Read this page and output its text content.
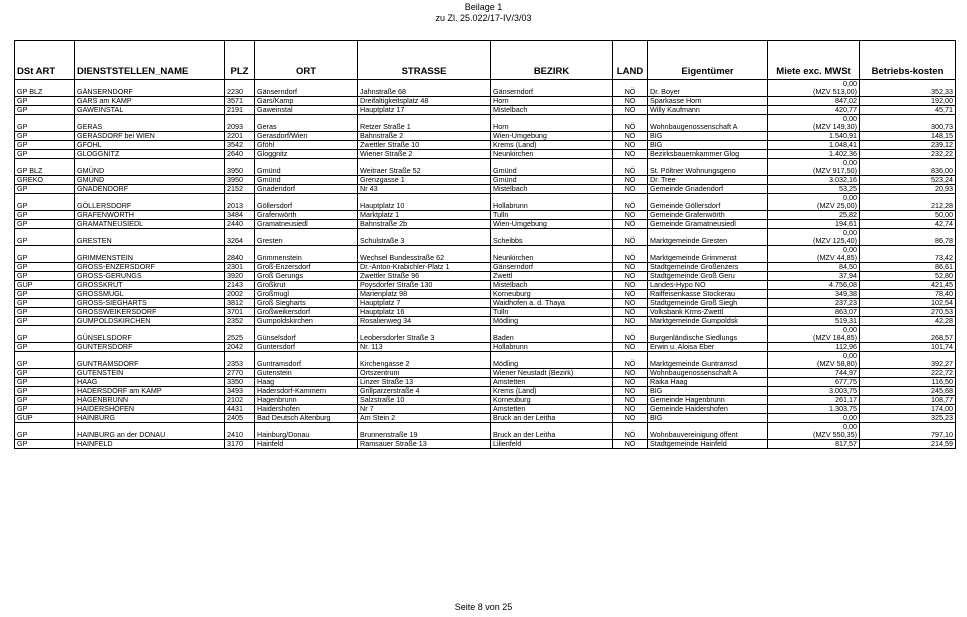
Beilage 1
zu Zl. 25.022/17-IV/3/03
DSt ART	DIENSTSTELLEN_NAME	PLZ	ORT	STRASSE	BEZIRK	LAND	Eigentümer	Miete exc. MWSt	Betriebs-kosten
GP BLZ	GÄNSERNDORF	2230	Gänserndorf	Jahnstraße 68	Gänserndorf	NÖ	Dr. Boyer	0,00
(MZV 513,00)	352,33
GP	GARS am KAMP	3571	Gars/Kamp	Dreifaltigkeitsplatz 48	Horn	NÖ	Sparkasse Horn	847,02	192,00
GP	GAWEINSTAL	2191	Gaweinstal	Hauptplatz 17	Mistelbach	NÖ	Willy Kaufmann	420,77	45,71
GP	GERAS	2093	Geras	Retzer Straße 1	Horn	NÖ	Wohnbaugenossenschaft A	0,00
(MZV 149,30)	300,73
GP	GERASDORF bei WIEN	2201	Gerasdorf/Wien	Bahnstraße 2	Wien-Umgebung	NÖ	BIG	1.540,91	148,15
GP	GFÖHL	3542	Gföhl	Zwettler Straße 10	Krems (Land)	NÖ	BIG	1.048,41	239,12
GP	GLOGGNITZ	2640	Gloggnitz	Wiener Straße 2	Neunkirchen	NÖ	Bezirksbauernkammer Glog	1.402,36	232,22
GP BLZ	GMÜND	3950	Gmünd	Weitraer Straße 52	Gmünd	NÖ	St. Pöltner Wohnungsgeno	0,00
(MZV 917,50)	836,00
GREKO	GMÜND	3950	Gmünd	Grenzgasse 1	Gmünd	NÖ	Dr. Tree	3.032,16	523,24
GP	GNADENDORF	2152	Gnadendorf	Nr 43	Mistelbach	NÖ	Gemeinde Gnadendorf	53,25	20,93
GP	GÖLLERSDORF	2013	Göllersdorf	Hauptplatz 10	Hollabrunn	NÖ	Gemeinde Göllersdorf	0,00
(MZV 25,00)	212,28
GP	GRAFENWÖRTH	3484	Grafenwörth	Marktplatz 1	Tulln	NÖ	Gemeinde Grafenwörth	25,82	50,00
GP	GRAMATNEUSIEDL	2440	Gramatneusiedl	Bahnstraße 2b	Wien-Umgebung	NÖ	Gemeinde Gramatneusiedl	194,61	42,74
GP	GRESTEN	3264	Gresten	Schulstraße 3	Scheibbs	NÖ	Marktgemeinde Gresten	0,00
(MZV 125,40)	86,78
GP	GRIMMENSTEIN	2840	Grimmenstein	Wechsel Bundesstraße 62	Neunkirchen	NÖ	Marktgemeinde Grimmenst	0,00
(MZV 44,85)	73,42
GP	GROSS-ENZERSDORF	2301	Groß-Enzersdorf	Dr.-Anton-Krabichler-Platz 1	Gänserndorf	NÖ	Stadtgemeinde Großenzers	84,50	86,61
GP	GROSS-GERUNGS	3920	Groß Gerungs	Zwettler Straße 96	Zwettl	NÖ	Stadtgemeinde Groß Geru	37,94	52,80
GÜP	GROSSKRUT	2143	Großkrut	Poysdorfer Straße 130	Mistelbach	NÖ	Landes-Hypo NÖ	4.756,08	421,45
GP	GROSSMUGL	2002	Großmugl	Marienplatz 98	Korneuburg	NÖ	Raiffeisenkasse Stockerau	349,38	78,40
GP	GROSS-SIEGHARTS	3812	Groß Siegharts	Hauptplatz 7	Waidhofen a. d. Thaya	NÖ	Stadtgemeinde Groß Siegh	237,23	102,54
GP	GROSSWEIKERSDORF	3701	Großweikersdorf	Hauptplatz 16	Tulln	NÖ	Volksbank Krms-Zwettl	863,07	270,53
GP	GUMPOLDSKIRCHEN	2352	Gumpoldskirchen	Rosalienweg 34	Mödling	NÖ	Marktgemeinde Gumpoldsk	519,31	42,28
GP	GÜNSELSDORF	2525	Günselsdorf	Leobersdorfer Straße 3	Baden	NÖ	Burgenländische Siedlungs	0,00
(MZV 184,85)	268,57
GP	GUNTERSDORF	2042	Guntersdorf	Nr. 113	Hollabrunn	NÖ	Erwin u. Aloisa Eber	112,96	101,74
GP	GUNTRAMSDORF	2353	Guntramsdorf	Kirchengasse 2	Mödling	NÖ	Marktgemeinde Guntramsd	0,00
(MZV 58,80)	392,27
GP	GUTENSTEIN	2770	Gutenstein	Ortszentrum	Wiener Neustadt (Bezirk)	NÖ	Wohnbaugenossenschaft A	744,97	222,72
GP	HAAG	3350	Haag	Linzer Straße 13	Amstetten	NÖ	Raika Haag	677,75	116,50
GP	HADERSDORF am KAMP	3493	Hadersdorf-Kammern	Grillparzerstraße 4	Krems (Land)	NÖ	BIG	3.003,75	245,68
GP	HAGENBRUNN	2102	Hagenbrunn	Salzstraße 10	Korneuburg	NÖ	Gemeinde Hagenbrunn	261,17	108,77
GP	HAIDERSHOFEN	4431	Haidershofen	Nr 7	Amstetten	NÖ	Gemeinde Haidershofen	1.303,75	174,00
GÜP	HAINBURG	2405	Bad Deutsch Altenburg	Am Stein 2	Bruck an der Leitha	NÖ	BIG	0,00	325,23
GP	HAINBURG an der DONAU	2410	Hainburg/Donau	Brunnenstraße 19	Bruck an der Leitha	NÖ	Wohnbauvereinigung öffent	0,00
(MZV 550,35)	797,10
GP	HAINFELD	3170	Hainfeld	Ramsauer Straße 13	Lilienfeld	NÖ	Stadtgemeinde Hainfeld	817,57	214,59
Seite 8 von 25
